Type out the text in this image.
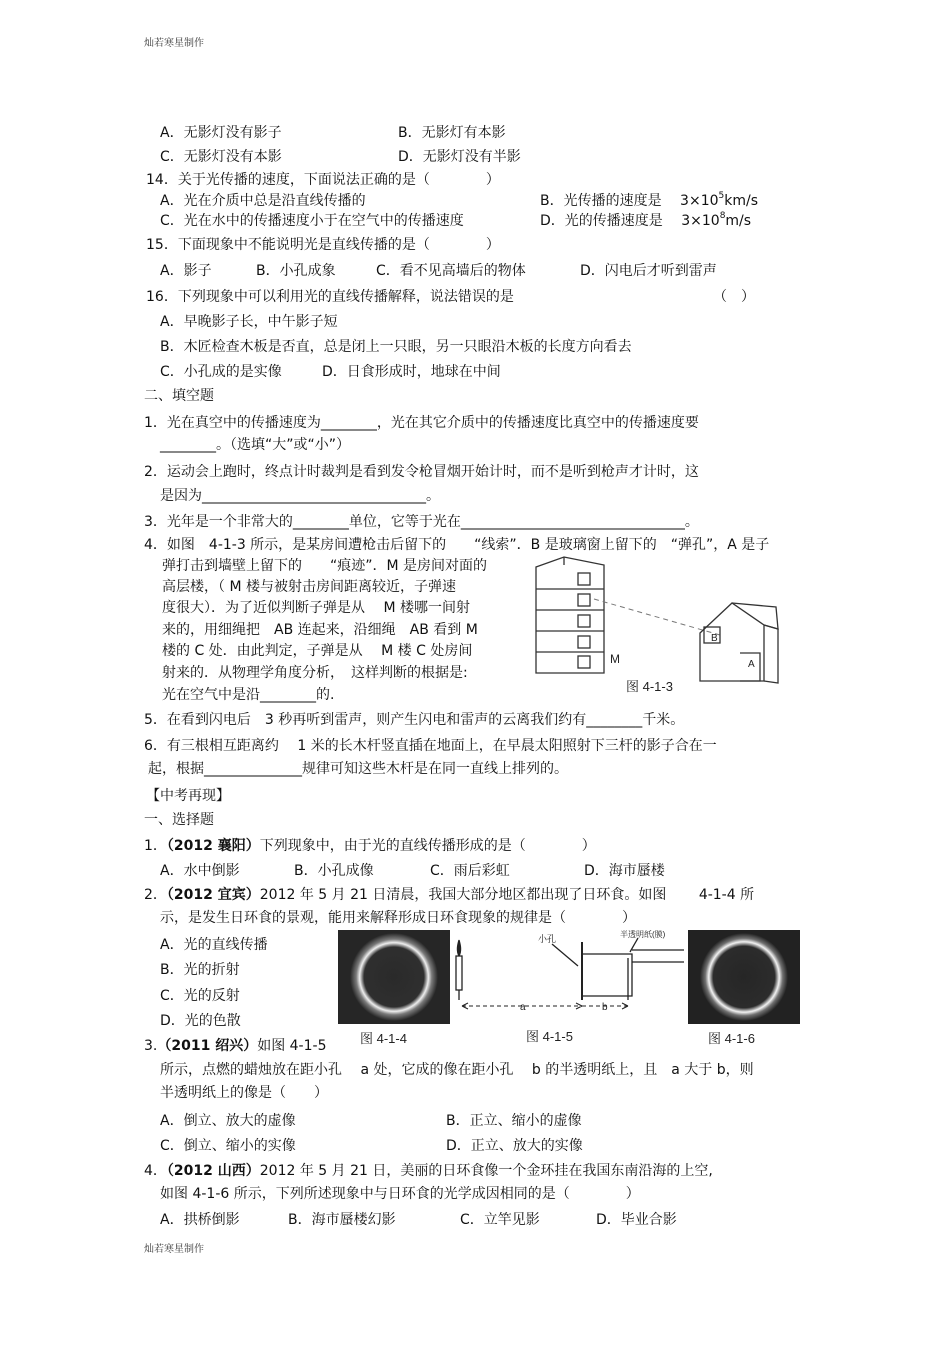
灿若寒星制作
A．无影灯没有影子	B．无影灯有本影
C．无影灯没有本影	D．无影灯没有半影
14．关于光传播的速度，下面说法正确的是（　　　　）
A．光在介质中总是沿直线传播的	B．光传播的速度是　 $3\times 10^5km/s$
C．光在水中的传播速度小于在空气中的传播速度	D．光的传播速度是　 $3\times 10^8m/s$
15．下面现象中不能说明光是直线传播的是（　　　　）
A．影子	B．小孔成象	C．看不见高墙后的物体	D．闪电后才听到雷声
16．下列现象中可以利用光的直线传播解释，说法错误的是	（　）
A．早晚影子长，中午影子短
B．木匠检查木板是否直，总是闭上一只眼，另一只眼沿木板的长度方向看去
C．小孔成的是实像	D．日食形成时，地球在中间
二、填空题
1．光在真空中的传播速度为________，光在其它介质中的传播速度比真空中的传播速度要
________。（选填“大”或“小”）
2．运动会上跑时，终点计时裁判是看到发令枪冒烟开始计时，而不是听到枪声才计时，这
是因为________________________________。
3．光年是一个非常大的________单位，它等于光在________________________________。
4．如图　4-1-3 所示，是某房间遭枪击后留下的　　“线索”．B 是玻璃窗上留下的　“弹孔”，A 是子
弹打击到墙壁上留下的　　“痕迹”．M 是房间对面的
高层楼，（ M 楼与被射击房间距离较近，子弹速
度很大）．为了近似判断子弹是从　 M 楼哪一间射
来的，用细绳把　AB 连起来，沿细绳　AB 看到 M
楼的 C 处．由此判定，子弹是从　 M 楼 C 处房间
射来的．从物理学角度分析，　这样判断的根据是:
光在空气中是沿________的.
B
A
M
图 4-1-3
5．在看到闪电后　3 秒再听到雷声，则产生闪电和雷声的云离我们约有________千米。
6．有三根相互距离约　 1 米的长木杆竖直插在地面上，在早晨太阳照射下三杆的影子合在一
起，根据______________规律可知这些木杆是在同一直线上排列的。
【中考再现】
一、选择题
1．（2012 襄阳）下列现象中，由于光的直线传播形成的是（　　　　）
A．水中倒影	B．小孔成像	C．雨后彩虹	D．海市蜃楼
2．（2012 宜宾）2012 年 5 月 21 日清晨，我国大部分地区都出现了日环食。如图　　 4-1-4 所
示，是发生日环食的景观，能用来解释形成日环食现象的规律是（　　　　）
A．光的直线传播
B．光的折射
C．光的反射
D．光的色散
图 4-1-4
小孔	半透明纸(膜)
a	b
图 4-1-5	图 4-1-6
3.（2011 绍兴）如图 4-1-5
所示，点燃的蜡烛放在距小孔　 a 处，它成的像在距小孔　 b 的半透明纸上，且　a 大于 b，则
半透明纸上的像是（　　）
A．倒立、放大的虚像	B．正立、缩小的虚像
C．倒立、缩小的实像	D．正立、放大的实像
4．（2012 山西）2012 年 5 月 21 日，美丽的日环食像一个金环挂在我国东南沿海的上空,
如图 4-1-6 所示，下列所述现象中与日环食的光学成因相同的是（　　　　）
A．拱桥倒影	B．海市蜃楼幻影	C．立竿见影	D．毕业合影
灿若寒星制作
